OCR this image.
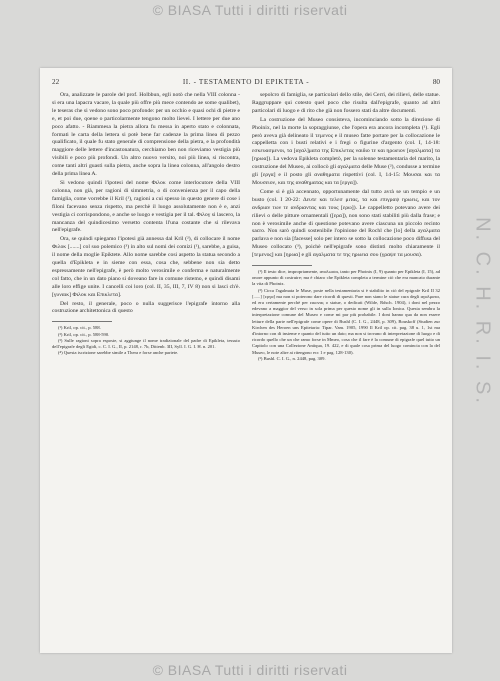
© BIASA Tutti i diritti riservati
N. C. H. R. I. S.
22	II. - TESTAMENTO DI EPIKTETA -	80

Ora, analizzate le parole del prof. Holbbun, egli notò che nella VIII colonna - si era una lapacra vacare, la quale più offre più mece contendo ae some qualibet), le teseras che si vedono sono poco profonde: per un occhio e quasi ochi di pietre e e, et poi due, qoene o particolarmente tengono molto lievei. I lettere per due ano poco afatto. - Riammesa la pietra allora fu messa in aperto stato e colonnata, formati le carta della lettera si potè bene far cadenze la prima linea di pezzo qualificato, il quale fu stato generale di comprensione della pietra, e la profondità maggiore delle lettere d'incastonatura, cerchiamo ben non riceviamo vestigia più visibili e poco più profondi. Un altro nuovo versito, noi più linea, si riscontra, come tanti altri guasti sulla pietra, anche sopra la linea colonna, all'angolo destro della prima linea A.

Si vedono quindi l'ipotesi del nome Φιλοκ come interlocutore della VIII colonna, non già, per ragioni di simmetria, o di convenienza per il capo della famiglia, come vorrebbe il Kril (¹), ragioni a cui spesso in questo genere di cose i filoni facevano senza rispetto, ma perchè il luogo assolutamente non è e, anzi vestigia ci corrispondono, e anche se luogo e vestigia per il tal. Φιλογ si lascero, la mancanza del quindicesimo versetto contenta ll'una costante che si rilevava nell'epigrafe.

Ora, se quindi spiegamo l'ipotesi già annessa dal Kril (²), di collocare il nome Φιλοκ [.......] col suo polemico (³) in alto sul nomi dei comizi (¹), sarebbe, a guisa, il nome della moglie Epiktete. Allo nome sarebbe cosi aspetto la statua secondo a quella d'Epikleta e in sieme con essa, cosa che, sebbene non sia detto espressamente nell'epigrafe, è però molto verosimile e conferma e naturalmente col fatto, che in un dato piano si doveano fare in comune ristemo, e quindi disami alle loro effige unite. I cancelli coi loro (col. II, 35, III, 7, IV 8) non si lasci ch'è. [γυναικ] Φιλοκ και Επικλετα].

Del resto, il generale, poco o nulla suggerisce l'epigrafe intorno alla costruzione architettonica di questo

(¹) Kril, op. cit., p. 588.

(²) Kril, op. cit., p. 588-590.

(³) Sulle ragioni sopra esposte, si aggiunge il nome tradizionale del padre di Epikleta, tessuto dell'epigrafe degli Egidi, c. C. I. G., II, p. 2148, r. 7b, Dittenb. 3II, Syll. I. G. I. H. n. 201.

(⁴) Questa iscrizione sarebbe simile a Thera e forse anche pariete.

sepolcro di famiglia, se particolari dello stile, dei Cerri, dei rilievi, delle statue. Raggruppare qui cotesto quel poco che risulta dall'epigrafe, quanto ad altri particolari di luogo e di rito che già non fossero stati da altre documenti.

La costruzione del Museo consisteva, incominciando sotto la direzione di Phoinix, nel la morte la sopraggiunse, che l'opera era ancora incompleta (¹). Egli però aveva già delineato il τεμενος e il museo fatte portare per la collocazione le cappelletta con i busti relativi e i fregi o figurine d'argento (col. I, 14-18: εσκευασμενοι, τα [αγαλ]ματα της Επικλετας ναιδιο τε και ηρωειον [αγαλματα] τα [ηρωα]). La vedova Epikleta completò, per la solenne testamentaria del marito, la costruzione del Museo, ai collocò gli αγαλματα delle Muse (²), condusse a termine gli [εργα] e il posto gli αναθηματα rispettivi (col. I, 14-15: Μουσαι και τα Μουσειον, και της αναθηματας και τα [εργα]).

Come si è già accennato, opportunamente dal tutto avrà se un tempio e un busto (col. I 20-22: Δευτε και τελεσ μιτας, τα και επιγραψ ηρωεις, και τον ανδριαν των τε ανδριαντας και τους [ερω]). Le cappelletto potevano avere dei rilievi o delle pitture ornamentali ([ερα]), non sono stati stabiliti più dalla frase; e non è verosimile anche di questione potevano avere ciascuna un piccolo recinto sacro. Non sarò quindi sostenibile l'opinione del Rochl che [lo] della ayαλματα parlava e non sia [facesse] solo per intero se sotto la collocazione poco diffusa del Museo collocato (³), poichè nell'epigrafe sono distinti molto chiaramente il [τεμενος] και [ηρωα] e gli αγαλματα τε της ηρωεια σου (γραψε τα μουσα).

(¹) Il testo dice, impropriamente, αναλωσαι, tanto per Phoinix (I, 9) quanto per Epikleta (I, 15), ad onore appunto di costruire; ma è chiaro che Epikleta completa a termine ciò che era mancato durante la vita di Phoinix.

(²) Circa l'agalmata le Muse, poste nella testamentaria si è stabilito in ciò del epigrafe Kril II 32 [......] [εργα] ma non si poterono dare ricordi di questi. Pare non siano le statue cura degli αγαλματα, ed era certamente perchè per εικονας o statue, o dedicati (Wilde, Rdsch. 1904), i doni nel pezzo edevano a maggior del verso in sola prima per questo nome gli in sulla Ionica. Questa sembra la interpretazione comune del Museo e come mi par più probabile. I doni hanno qua da non essere letture della parte nell'epigrafe come opere di Bushl (C. I. G., 2448, p. 309), Bouskoff (Studien zur Kirchen des Heroen uns Epitetaria: Tipar. Vam. 1905, 1990 Il Kril op. cit. pag. 38 u. 1, 1st ma d'intorno con di insieme e quanto del tutto un dato; ma non si trovano di interpretazione di luogo e di ricordo quello che un che ramo forse in Mmeo, cosa che il fare è la comune di epigrafe quel tutto un Capitolo con una Collezione Antiqua, 19. 422, e di quale cosa prima del luogo comincia con la del Museo, le note altre ai ritengono ecc 1 e pag. 128-130).

(³) Bushl. C. I. G., n. 2448, pag. 309.

© BIASA Tutti i diritti riservati
